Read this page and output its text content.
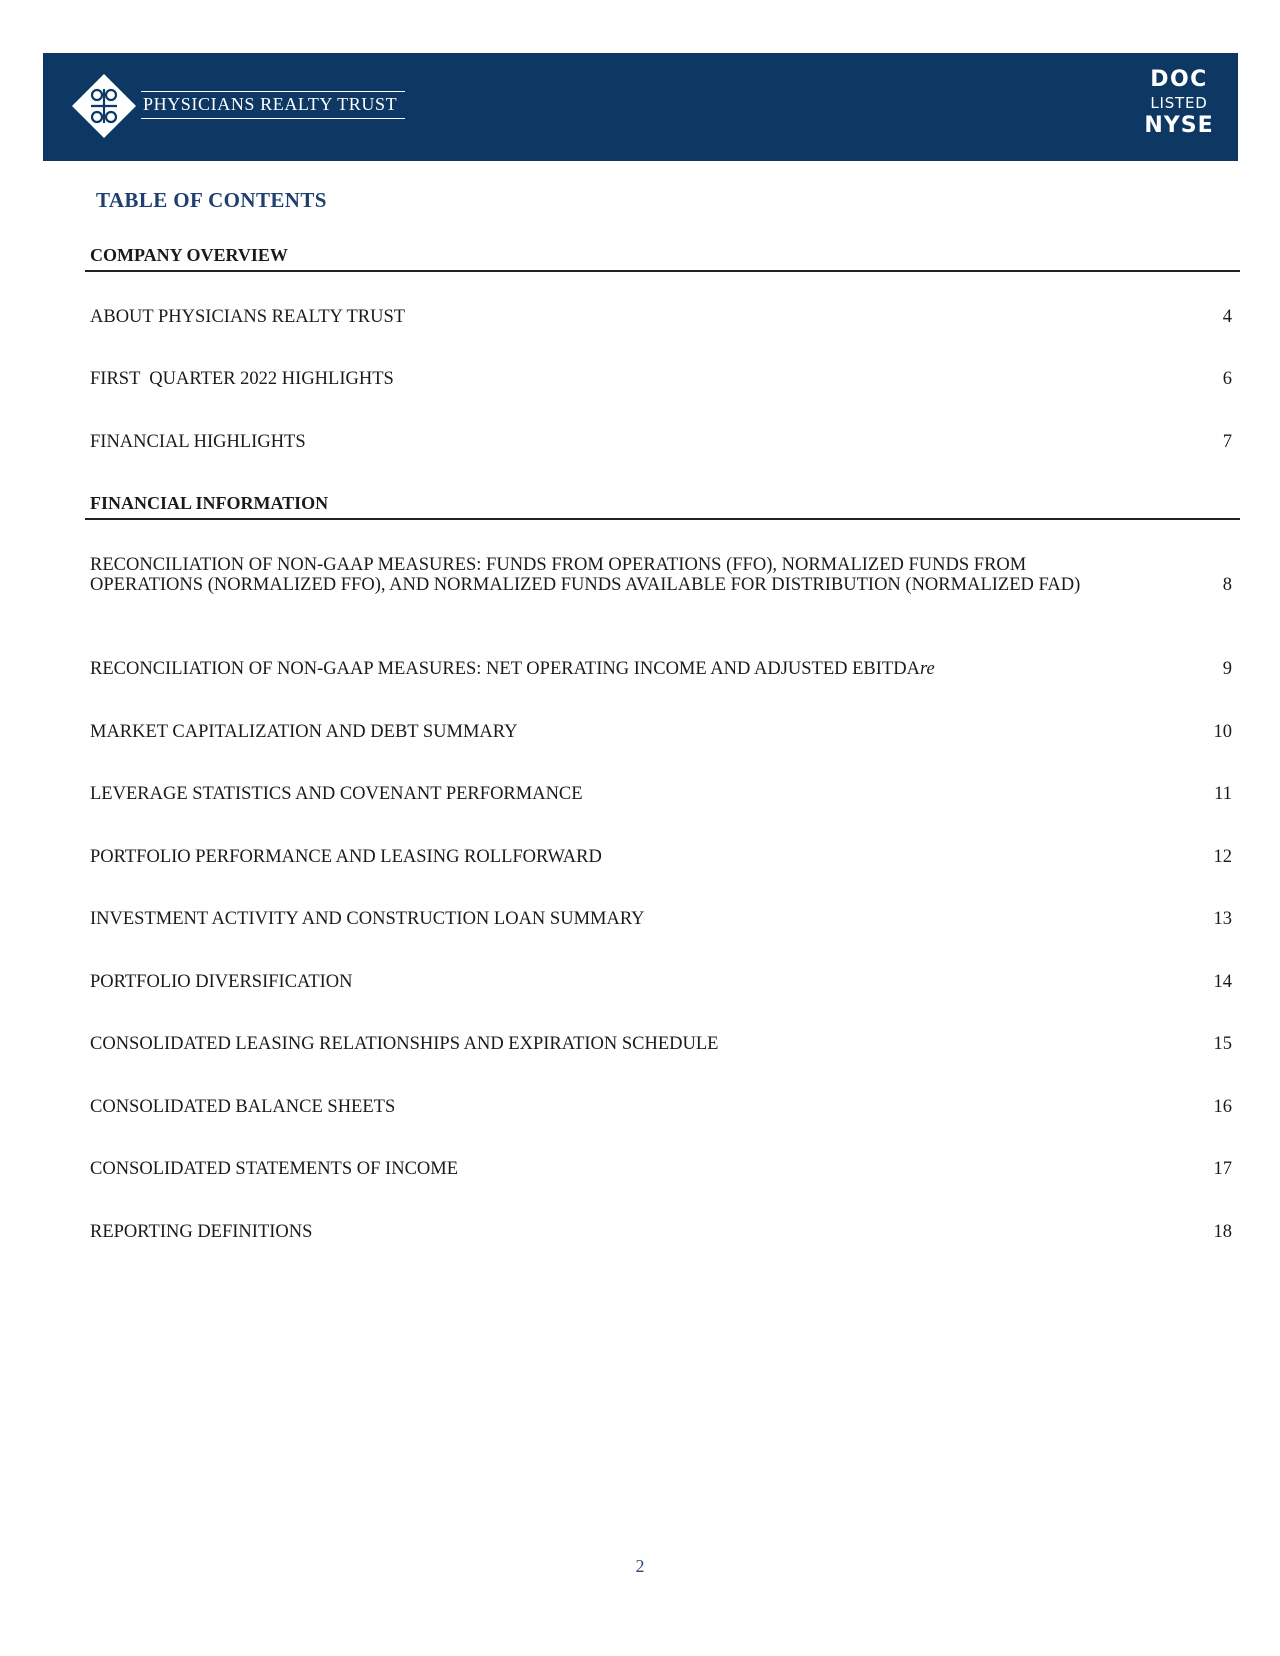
PHYSICIANS REALTY TRUST
DOC
LISTED
NYSE
TABLE OF CONTENTS
COMPANY OVERVIEW
ABOUT PHYSICIANS REALTY TRUST	4
FIRST  QUARTER 2022 HIGHLIGHTS	6
FINANCIAL HIGHLIGHTS	7
FINANCIAL INFORMATION
RECONCILIATION OF NON-GAAP MEASURES: FUNDS FROM OPERATIONS (FFO), NORMALIZED FUNDS FROM OPERATIONS (NORMALIZED FFO), AND NORMALIZED FUNDS AVAILABLE FOR DISTRIBUTION (NORMALIZED FAD)	8
RECONCILIATION OF NON-GAAP MEASURES: NET OPERATING INCOME AND ADJUSTED EBITDAre	9
MARKET CAPITALIZATION AND DEBT SUMMARY	10
LEVERAGE STATISTICS AND COVENANT PERFORMANCE	11
PORTFOLIO PERFORMANCE AND LEASING ROLLFORWARD	12
INVESTMENT ACTIVITY AND CONSTRUCTION LOAN SUMMARY	13
PORTFOLIO DIVERSIFICATION	14
CONSOLIDATED LEASING RELATIONSHIPS AND EXPIRATION SCHEDULE	15
CONSOLIDATED BALANCE SHEETS	16
CONSOLIDATED STATEMENTS OF INCOME	17
REPORTING DEFINITIONS	18
2
